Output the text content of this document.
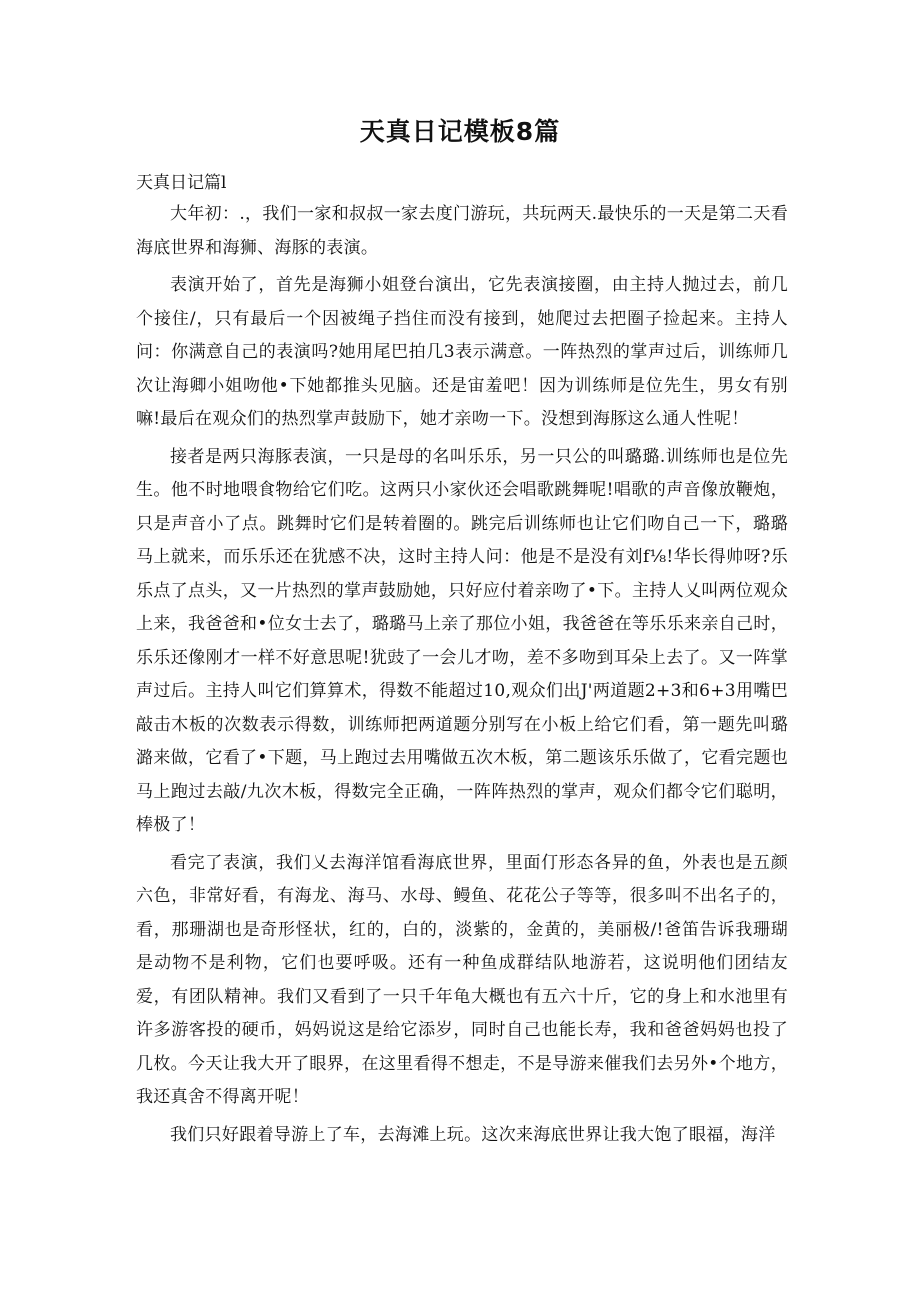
天真日记模板8篇
天真日记篇l

大年初：.，我们一家和叔叔一家去度门游玩，共玩两天.最快乐的一天是第二天看海底世界和海狮、海豚的表演。

表演开始了，首先是海狮小姐登台演出，它先表演接圈，由主持人抛过去，前几个接住/，只有最后一个因被绳子挡住而没有接到，她爬过去把圈子捡起来。主持人问：你满意自己的表演吗?她用尾巴拍几3表示满意。一阵热烈的掌声过后，训练师几次让海卿小姐吻他•下她都推头见脑。还是宙羞吧！因为训练师是位先生，男女有别嘛!最后在观众们的热烈掌声鼓励下，她才亲吻一下。没想到海豚这么通人性呢！

接者是两只海豚表演，一只是母的名叫乐乐，另一只公的叫璐璐.训练师也是位先生。他不时地喂食物给它们吃。这两只小家伙还会唱歌跳舞呢!唱歌的声音像放鞭炮，只是声音小了点。跳舞时它们是转着圈的。跳完后训练师也让它们吻自己一下，璐璐马上就来，而乐乐还在犹感不决，这时主持人问：他是不是没有刘f⅛!华长得帅呀?乐乐点了点头，又一片热烈的掌声鼓励她，只好应付着亲吻了•下。主持人乂叫两位观众上来，我爸爸和•位女士去了，璐璐马上亲了那位小姐，我爸爸在等乐乐来亲自己时，乐乐还像刚才一样不好意思呢!犹豉了一会儿才吻，差不多吻到耳朵上去了。又一阵掌声过后。主持人叫它们算算术，得数不能超过10,观众们出J'两道题2+3和6+3用嘴巴敲击木板的次数表示得数，训练师把两道题分别写在小板上给它们看，第一题先叫璐潞来做，它看了•下题，马上跑过去用嘴做五次木板，第二题该乐乐做了，它看完题也马上跑过去敲/九次木板，得数完全正确，一阵阵热烈的掌声，观众们都令它们聪明，棒极了！

看完了表演，我们乂去海洋馆看海底世界，里面仃形态各异的鱼，外表也是五颜六色，非常好看，有海龙、海马、水母、鳗鱼、花花公子等等，很多叫不出名子的，看，那珊湖也是奇形怪状，红的，白的，淡紫的，金黄的，美丽极/!爸笛告诉我珊瑚是动物不是利物，它们也要呼吸。还有一种鱼成群结队地游若，这说明他们团结友爱，有团队精神。我们又看到了一只千年龟大概也有五六十斤，它的身上和水池里有许多游客投的硬币，妈妈说这是给它添岁，同时自己也能长寿，我和爸爸妈妈也投了几枚。今天让我大开了眼界，在这里看得不想走，不是导游来催我们去另外•个地方，我还真舍不得离开呢！

我们只好跟着导游上了车，去海滩上玩。这次来海底世界让我大饱了眼福，海洋
